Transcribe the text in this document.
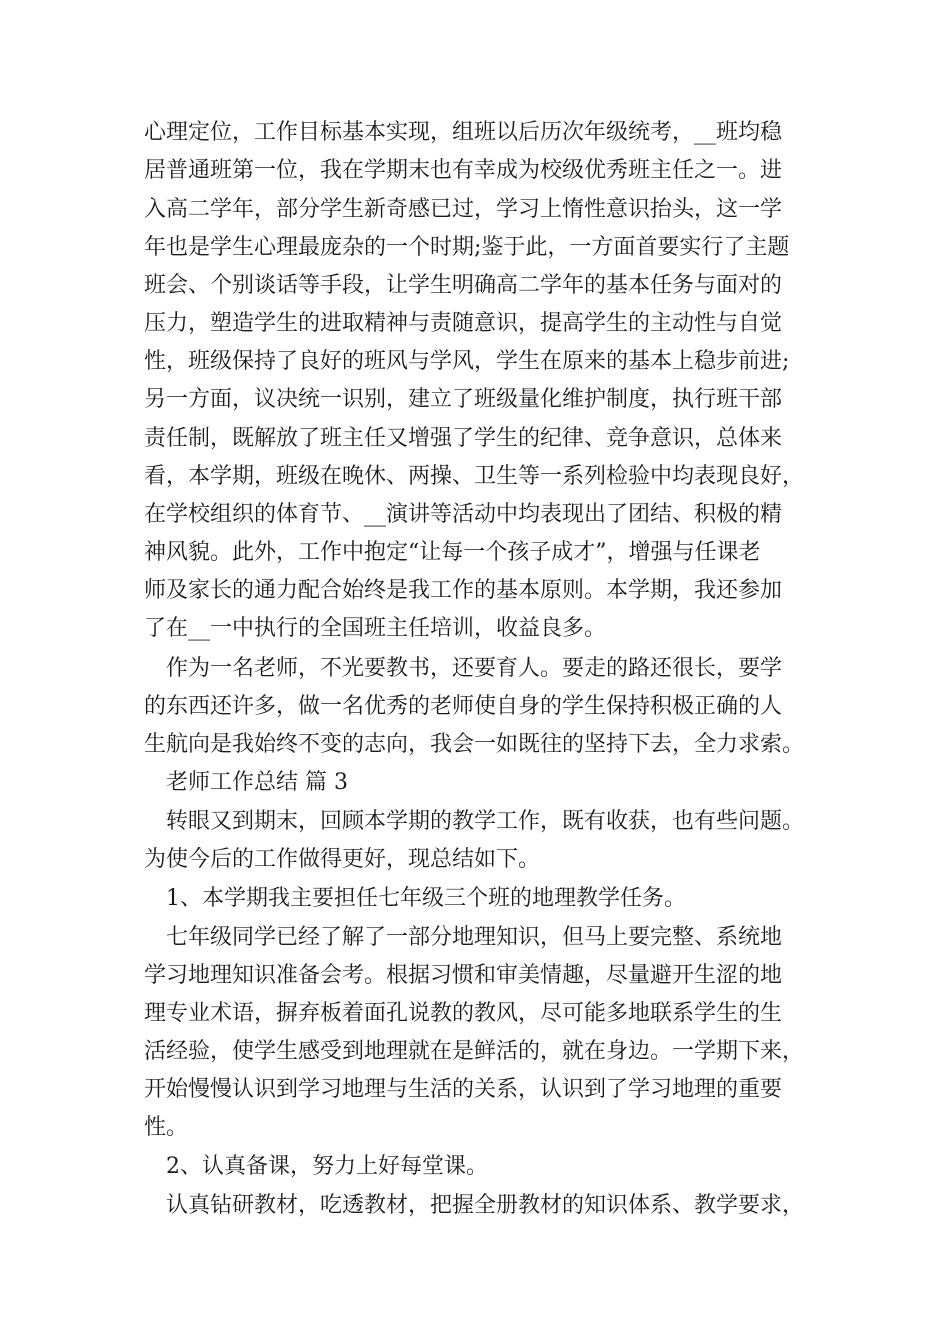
心理定位，工作目标基本实现，组班以后历次年级统考，__班均稳
居普通班第一位，我在学期末也有幸成为校级优秀班主任之一。进
入高二学年，部分学生新奇感已过，学习上惰性意识抬头，这一学
年也是学生心理最庞杂的一个时期;鉴于此，一方面首要实行了主题
班会、个别谈话等手段，让学生明确高二学年的基本任务与面对的
压力，塑造学生的进取精神与责随意识，提高学生的主动性与自觉
性，班级保持了良好的班风与学风，学生在原来的基本上稳步前进;
另一方面，议决统一识别，建立了班级量化维护制度，执行班干部
责任制，既解放了班主任又增强了学生的纪律、竞争意识，总体来
看，本学期，班级在晚休、两操、卫生等一系列检验中均表现良好，
在学校组织的体育节、__演讲等活动中均表现出了团结、积极的精
神风貌。此外，工作中抱定“让每一个孩子成才”，增强与任课老
师及家长的通力配合始终是我工作的基本原则。本学期，我还参加
了在__一中执行的全国班主任培训，收益良多。
作为一名老师，不光要教书，还要育人。要走的路还很长，要学
的东西还许多，做一名优秀的老师使自身的学生保持积极正确的人
生航向是我始终不变的志向，我会一如既往的坚持下去，全力求索。
老师工作总结 篇 3
转眼又到期末，回顾本学期的教学工作，既有收获，也有些问题。
为使今后的工作做得更好，现总结如下。
1、本学期我主要担任七年级三个班的地理教学任务。
七年级同学已经了解了一部分地理知识，但马上要完整、系统地
学习地理知识准备会考。根据习惯和审美情趣，尽量避开生涩的地
理专业术语，摒弃板着面孔说教的教风，尽可能多地联系学生的生
活经验，使学生感受到地理就在是鲜活的，就在身边。一学期下来，
开始慢慢认识到学习地理与生活的关系，认识到了学习地理的重要
性。
2、认真备课，努力上好每堂课。
认真钻研教材，吃透教材，把握全册教材的知识体系、教学要求，
